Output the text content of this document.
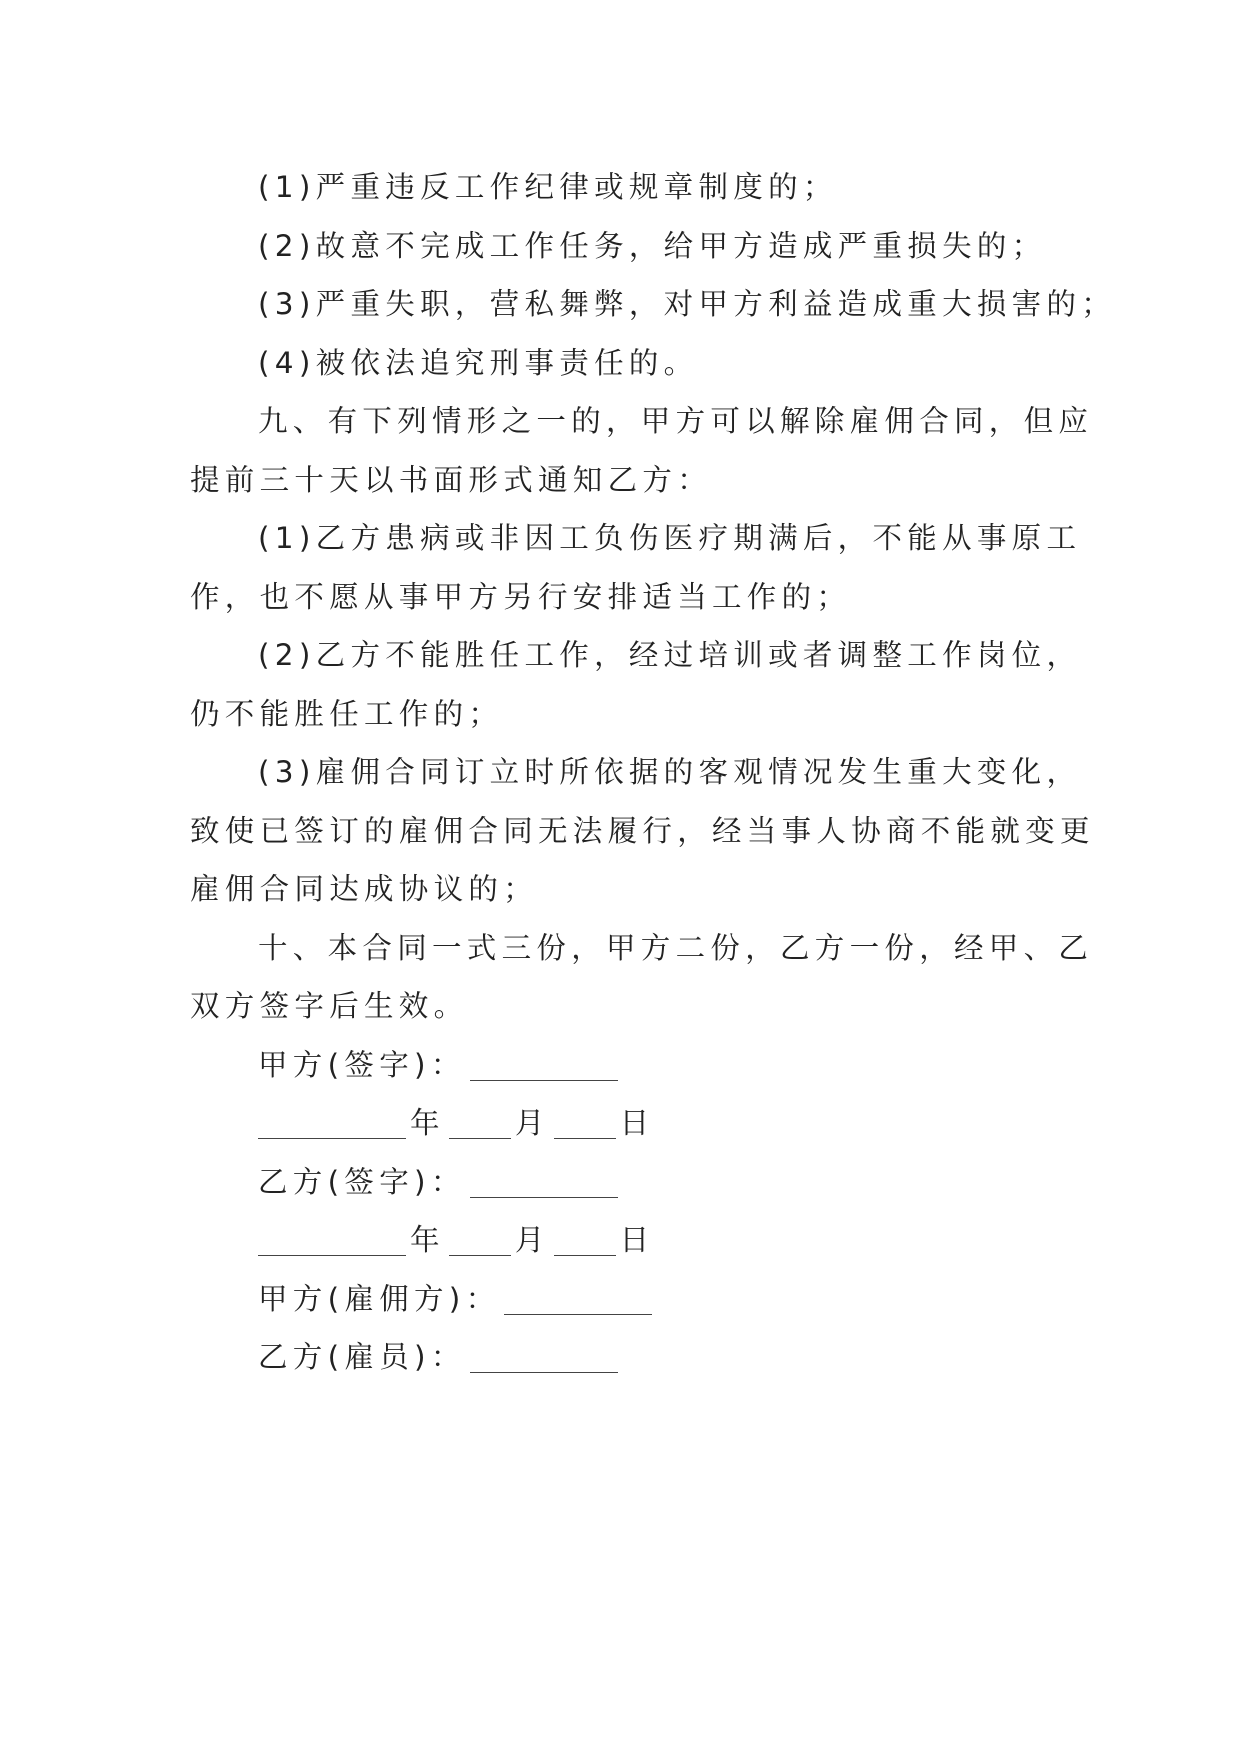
(1)严重违反工作纪律或规章制度的；

(2)故意不完成工作任务，给甲方造成严重损失的；

(3)严重失职，营私舞弊，对甲方利益造成重大损害的；

(4)被依法追究刑事责任的。

九、有下列情形之一的，甲方可以解除雇佣合同，但应

提前三十天以书面形式通知乙方：

(1)乙方患病或非因工负伤医疗期满后，不能从事原工

作，也不愿从事甲方另行安排适当工作的；

(2)乙方不能胜任工作，经过培训或者调整工作岗位，

仍不能胜任工作的；

(3)雇佣合同订立时所依据的客观情况发生重大变化，

致使已签订的雇佣合同无法履行，经当事人协商不能就变更

雇佣合同达成协议的；

十、本合同一式三份，甲方二份，乙方一份，经甲、乙

双方签字后生效。

甲方(签字)：

年 月 日

乙方(签字)：

年 月 日

甲方(雇佣方)：

乙方(雇员)：
